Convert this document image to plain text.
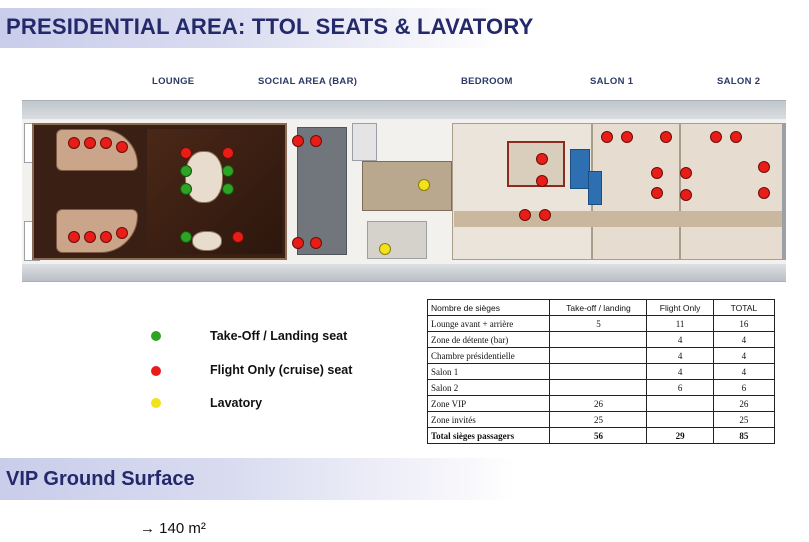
PRESIDENTIAL AREA: TTOL SEATS & LAVATORY
LOUNGE	SOCIAL AREA (BAR)	BEDROOM	SALON 1	SALON 2
Take-Off / Landing seat
Flight Only (cruise) seat
Lavatory
Nombre de sièges	Take-off / landing	Flight Only	TOTAL
Lounge avant + arrière	5	11	16
Zone de détente (bar)		4	4
Chambre présidentielle		4	4
Salon 1		4	4
Salon 2		6	6
Zone VIP	26		26
Zone invités	25		25
Total sièges passagers	56	29	85
VIP Ground Surface
→ 140 m²
